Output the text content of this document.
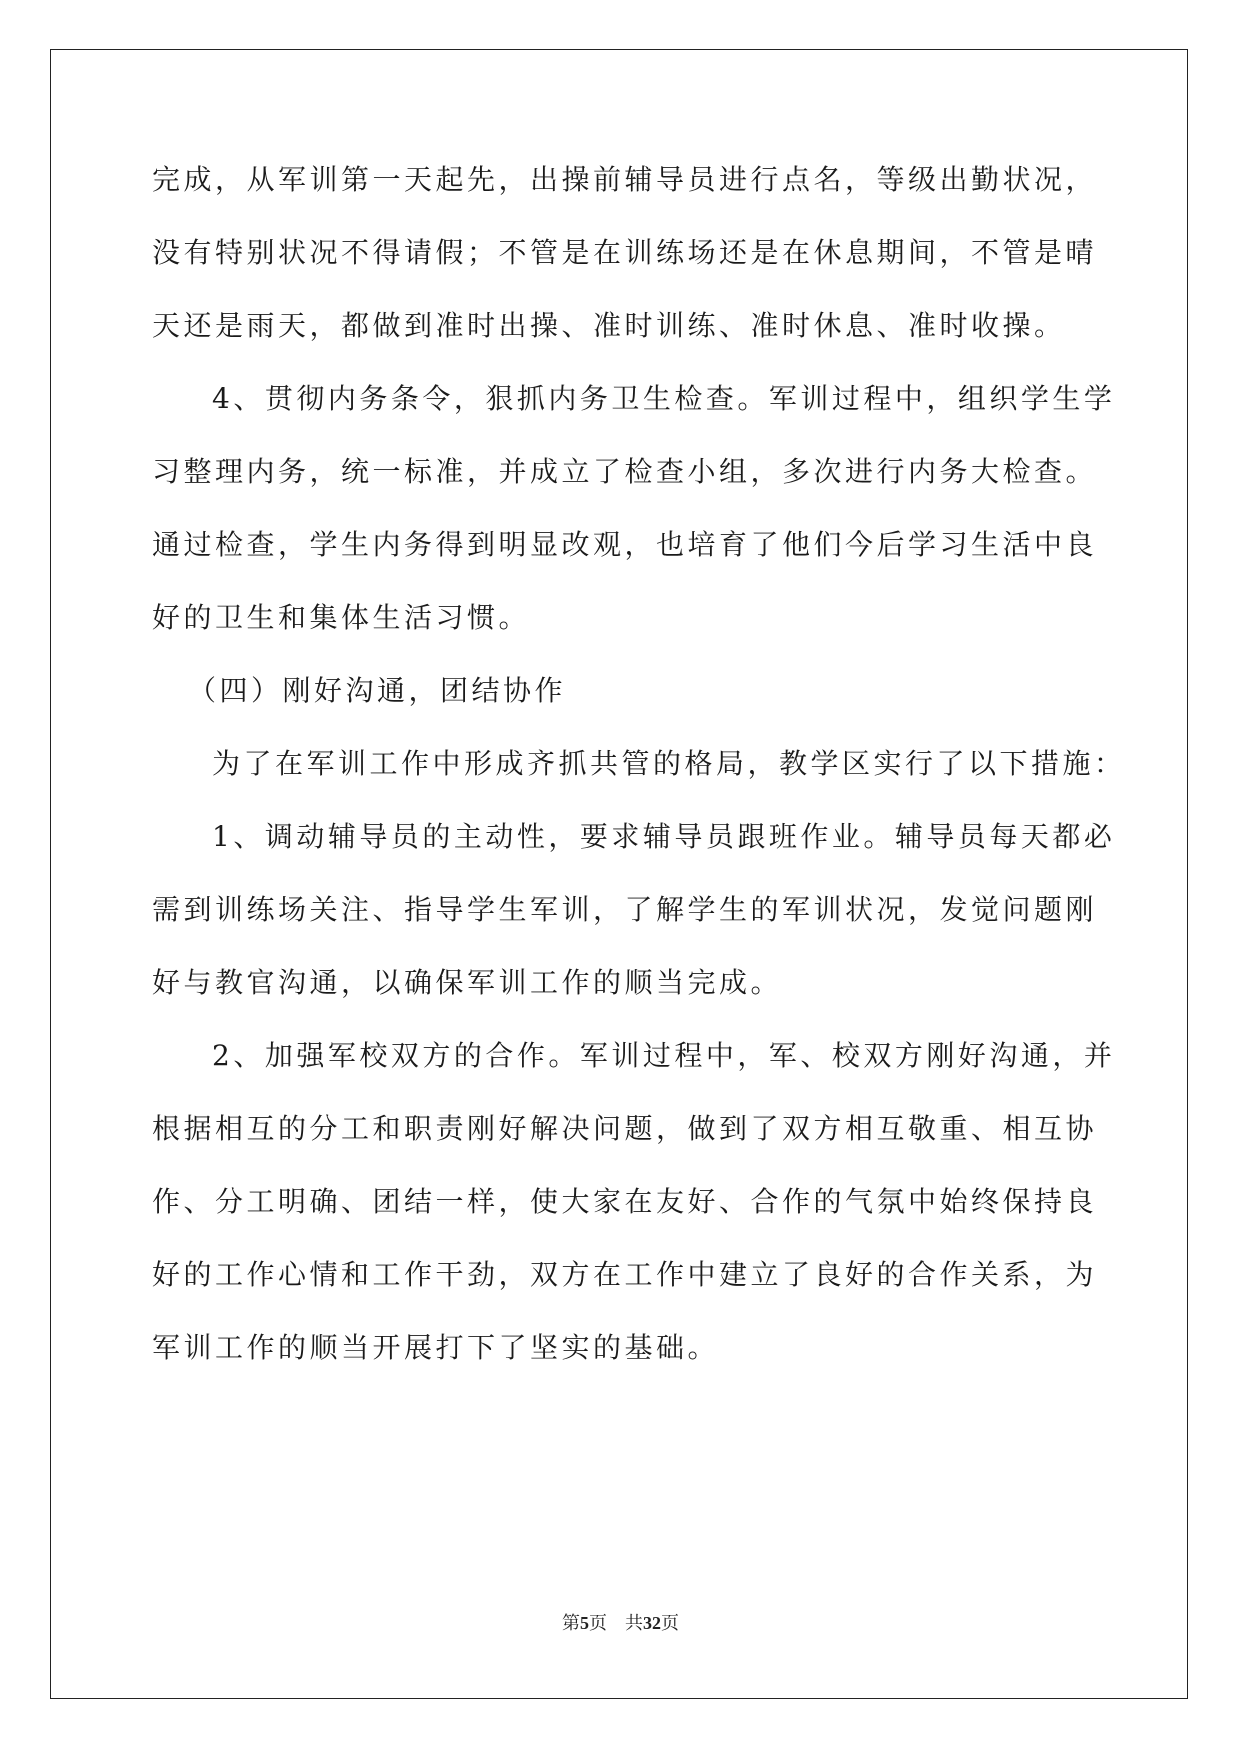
完成，从军训第一天起先，出操前辅导员进行点名，等级出勤状况，
没有特别状况不得请假；不管是在训练场还是在休息期间，不管是晴
天还是雨天，都做到准时出操、准时训练、准时休息、准时收操。
4、贯彻内务条令，狠抓内务卫生检查。军训过程中，组织学生学
习整理内务，统一标准，并成立了检查小组，多次进行内务大检查。
通过检查，学生内务得到明显改观，也培育了他们今后学习生活中良
好的卫生和集体生活习惯。
（四）刚好沟通，团结协作
为了在军训工作中形成齐抓共管的格局，教学区实行了以下措施：
1、调动辅导员的主动性，要求辅导员跟班作业。辅导员每天都必
需到训练场关注、指导学生军训，了解学生的军训状况，发觉问题刚
好与教官沟通，以确保军训工作的顺当完成。
2、加强军校双方的合作。军训过程中，军、校双方刚好沟通，并
根据相互的分工和职责刚好解决问题，做到了双方相互敬重、相互协
作、分工明确、团结一样，使大家在友好、合作的气氛中始终保持良
好的工作心情和工作干劲，双方在工作中建立了良好的合作关系，为
军训工作的顺当开展打下了坚实的基础。
第5页 共32页
